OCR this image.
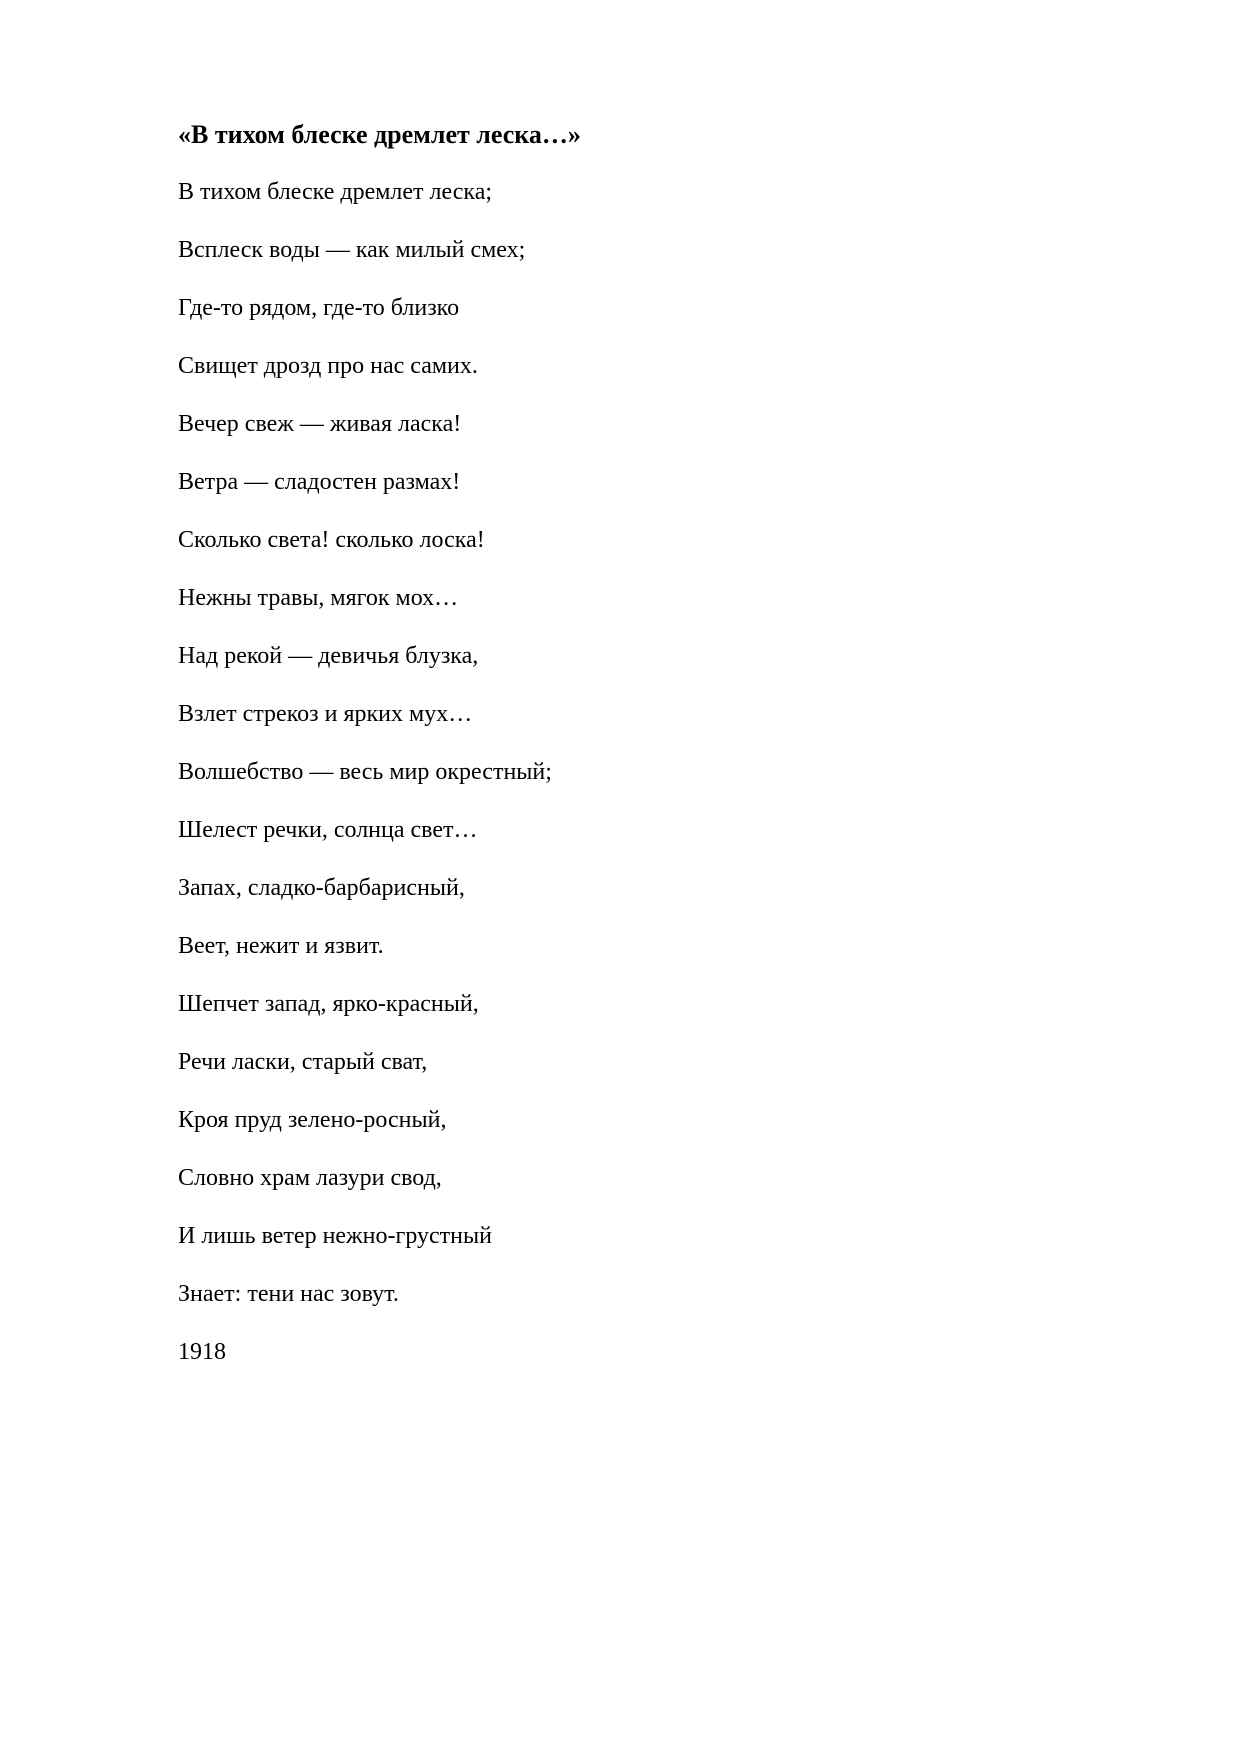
«В тихом блеске дремлет леска…»
В тихом блеске дремлет леска;
Всплеск воды — как милый смех;
Где-то рядом, где-то близко
Свищет дрозд про нас самих.
Вечер свеж — живая ласка!
Ветра — сладостен размах!
Сколько света! сколько лоска!
Нежны травы, мягок мох…
Над рекой — девичья блузка,
Взлет стрекоз и ярких мух…
Волшебство — весь мир окрестный;
Шелест речки, солнца свет…
Запах, сладко-барбарисный,
Веет, нежит и язвит.
Шепчет запад, ярко-красный,
Речи ласки, старый сват,
Кроя пруд зелено-росный,
Словно храм лазури свод,
И лишь ветер нежно-грустный
Знает: тени нас зовут.

1918
